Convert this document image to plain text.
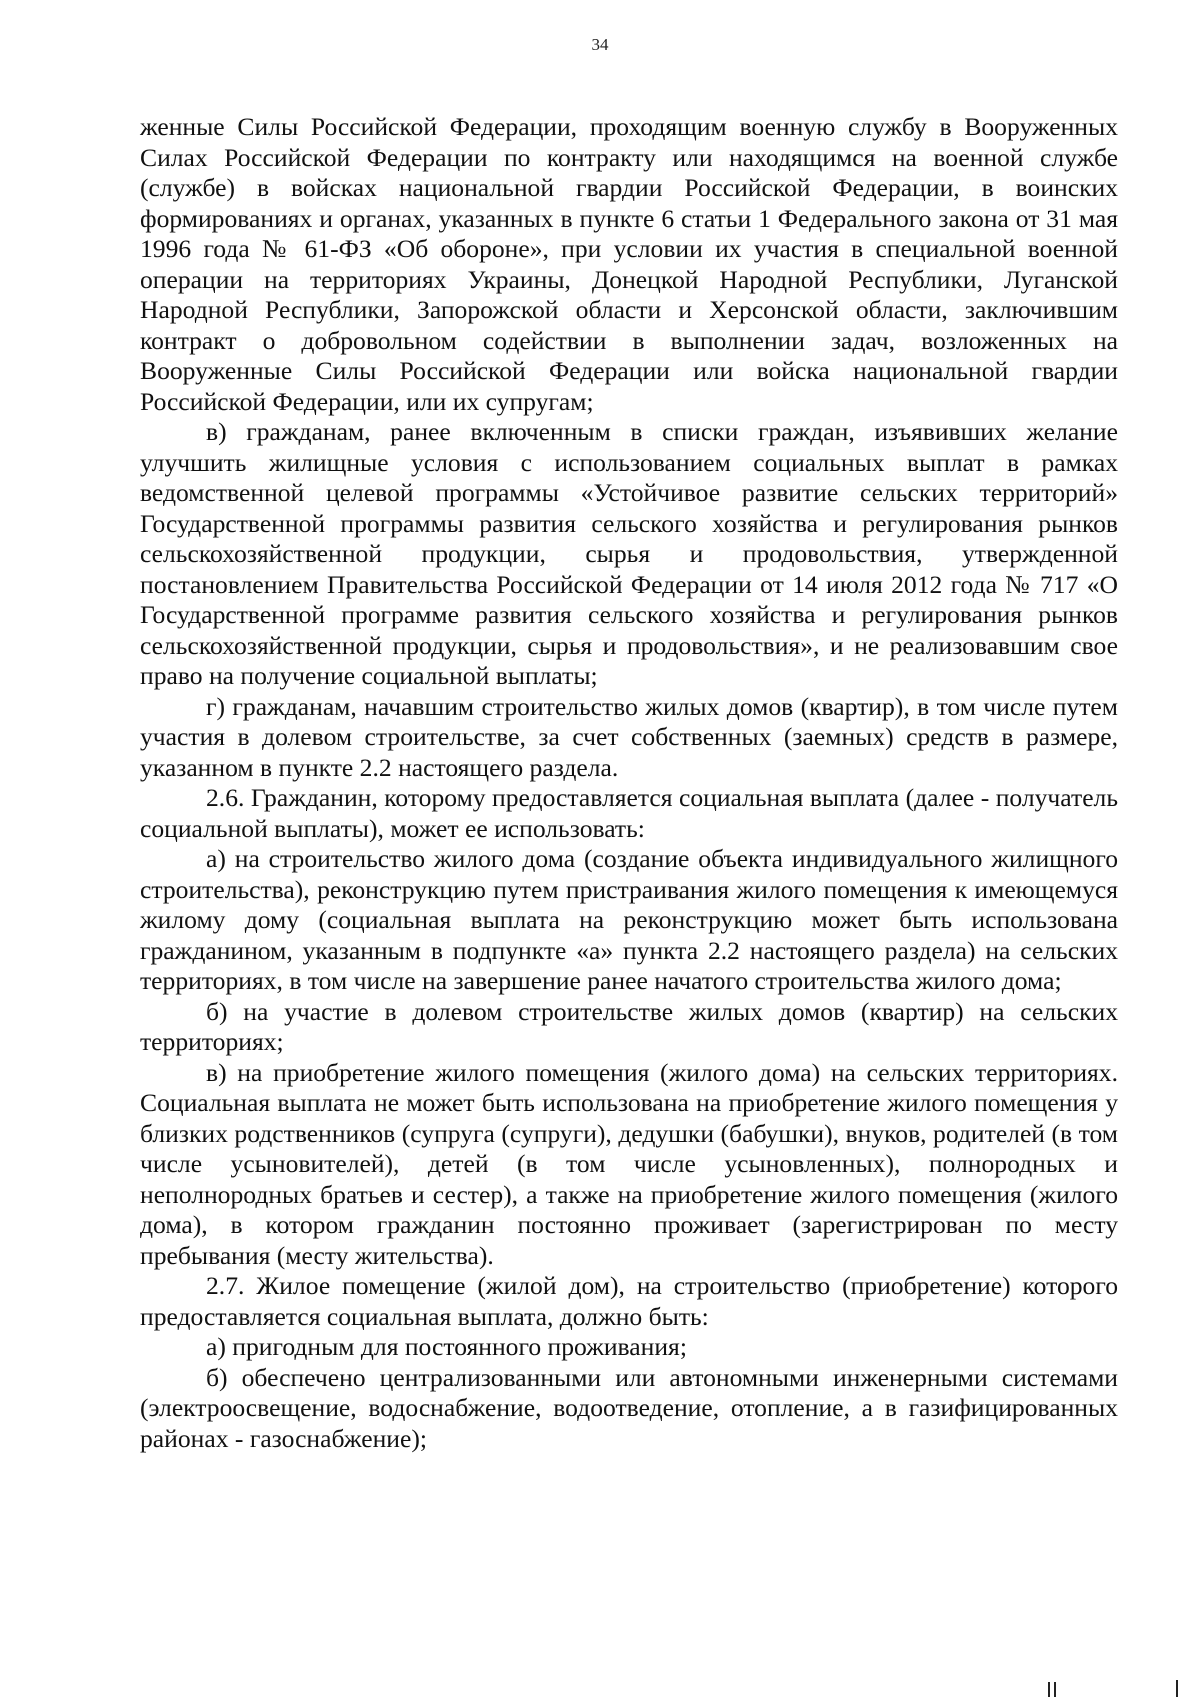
34

женные Силы Российской Федерации, проходящим военную службу в Вооруженных Силах Российской Федерации по контракту или находящимся на военной службе (службе) в войсках национальной гвардии Российской Федерации, в воинских формированиях и органах, указанных в пункте 6 статьи 1 Федерального закона от 31 мая 1996 года № 61-ФЗ «Об обороне», при условии их участия в специальной военной операции на территориях Украины, Донецкой Народной Республики, Луганской Народной Республики, Запорожской области и Херсонской области, заключившим контракт о добровольном содействии в выполнении задач, возложенных на Вооруженные Силы Российской Федерации или войска национальной гвардии Российской Федерации, или их супругам;

в) гражданам, ранее включенным в списки граждан, изъявивших желание улучшить жилищные условия с использованием социальных выплат в рамках ведомственной целевой программы «Устойчивое развитие сельских территорий» Государственной программы развития сельского хозяйства и регулирования рынков сельскохозяйственной продукции, сырья и продовольствия, утвержденной постановлением Правительства Российской Федерации от 14 июля 2012 года № 717 «О Государственной программе развития сельского хозяйства и регулирования рынков сельскохозяйственной продукции, сырья и продовольствия», и не реализовавшим свое право на получение социальной выплаты;

г) гражданам, начавшим строительство жилых домов (квартир), в том числе путем участия в долевом строительстве, за счет собственных (заемных) средств в размере, указанном в пункте 2.2 настоящего раздела.

2.6. Гражданин, которому предоставляется социальная выплата (далее - получатель социальной выплаты), может ее использовать:

а) на строительство жилого дома (создание объекта индивидуального жилищного строительства), реконструкцию путем пристраивания жилого помещения к имеющемуся жилому дому (социальная выплата на реконструкцию может быть использована гражданином, указанным в подпункте «а» пункта 2.2 настоящего раздела) на сельских территориях, в том числе на завершение ранее начатого строительства жилого дома;

б) на участие в долевом строительстве жилых домов (квартир) на сельских территориях;

в) на приобретение жилого помещения (жилого дома) на сельских территориях. Социальная выплата не может быть использована на приобретение жилого помещения у близких родственников (супруга (супруги), дедушки (бабушки), внуков, родителей (в том числе усыновителей), детей (в том числе усыновленных), полнородных и неполнородных братьев и сестер), а также на приобретение жилого помещения (жилого дома), в котором гражданин постоянно проживает (зарегистрирован по месту пребывания (месту жительства).

2.7. Жилое помещение (жилой дом), на строительство (приобретение) которого предоставляется социальная выплата, должно быть:

а) пригодным для постоянного проживания;

б) обеспечено централизованными или автономными инженерными системами (электроосвещение, водоснабжение, водоотведение, отопление, а в газифицированных районах - газоснабжение);
